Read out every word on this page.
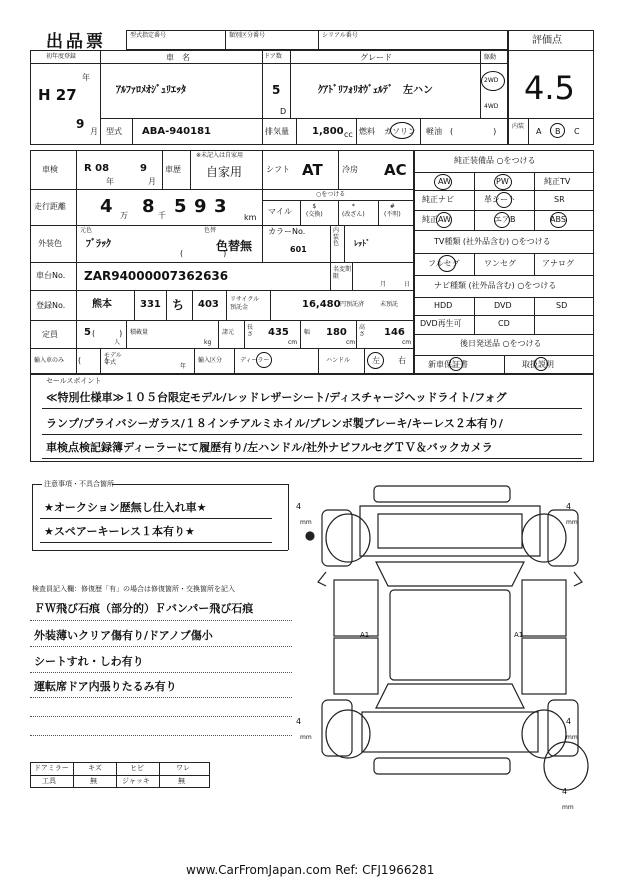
出品票	型式指定番号	類別区分番号	シリアル番号	評価点
4.5
初年度登録
年
H 27
9
月
車　名
ｱﾙﾌｧﾛﾒｵｼﾞｭﾘｴｯﾀ
ドア数
5
D
グレード
ｸｱﾄﾞﾘﾌｫﾘｵｳﾞｪﾙﾃﾞ　左ハン
駆動
2WD
4WD
型式 ABA-940181	排気量 1,800 cc 燃料 ガソリン 軽油 (　　　　　)
内装
A B C
車検	R 08
年
9
月
車歴
※未記入は自家用
自家用	シフト AT 冷房 AC
走行距離 4 万 8 千 5 9 3
km
○をつける
マイル
$
(交換)
*
(改ざん)
#
(不明)
外装色
元色	色替
ﾌﾞﾗｯｸ	色替無
(　　　　　)
カラーNo.
601
内装色 ﾚｯﾄﾞ
車台No. ZAR94000007362636	名変期限
月	日
登録No.	熊本	331 ち 403 リサイクル
預託金	16,480 円預託済	未預託
定員	5 (　　　)
人
積載量
kg
諸元
長さ 435
cm
幅 180
cm
高さ 146
cm
輸入車のみ (　　　)
モデル
年式
年
輸入区分	ディーラー	ハンドル	左 右
純正装備品 ○をつける
AW	PW	純正TV
純正ナビ	革シート	SR
純正AW	エアB	ABS
TV種類 (社外品含む) ○をつける
フルセグ	ワンセグ	アナログ
ナビ種類 (社外品含む) ○をつける
HDD	DVD	SD
DVD再生可	CD
後日発送品 ○をつける
新車保証書	取扱説明
セールスポイント
≪特別仕様車≫１０５台限定モデル/レッドレザーシート/ディスチャージヘッドライト/フォグ
ランプ/プライバシーガラス/１８インチアルミホイル/ブレンボ製ブレーキ/キーレス２本有り/
車検点検記録簿ディーラーにて履歴有り/左ハンドル/社外ナビフルセグＴＶ＆バックカメラ
注意事項・不具合箇所
★オークション歴無し仕入れ車★
★スペアーキーレス１本有り★
検査員記入欄：修復歴「有」の場合は修復箇所・交換箇所を記入
ＦＷ飛び石痕（部分的）Ｆバンパー飛び石痕
外装薄いクリア傷有り/ドアノブ傷小
シートすれ・しわ有り
運転席ドア内張りたるみ有り
ドアミラー	キズ	ヒビ	ワレ
工具	無	ジャッキ	無
A1	A1
4
mm
4
mm
4
mm
4
mm
4
mm
www.CarFromJapan.com Ref: CFJ1966281
